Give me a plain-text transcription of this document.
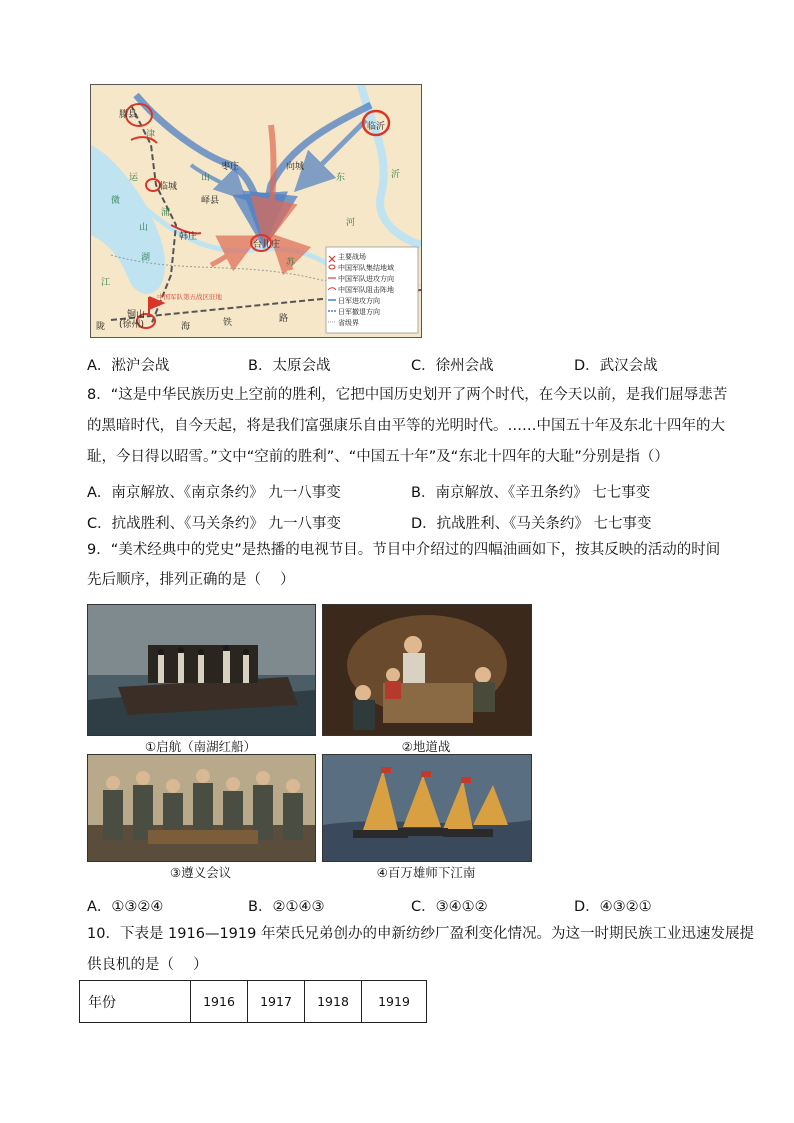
主要战场
中国军队集结地域
中国军队进攻方向
中国军队阻击阵地
日军进攻方向
日军撤退方向
省级界
滕县
临沂
枣庄	向城
临城
峄县
韩庄
台儿庄
铜山
(徐州)
津
浦
山	东	沂
河
运
微
山
湖
江
苏
陇	海	铁	路
中国军队第五战区驻地
A．淞沪会战	B．太原会战	C．徐州会战	D．武汉会战
8．“这是中华民族历史上空前的胜利，它把中国历史划开了两个时代，在今天以前，是我们屈辱悲苦
的黑暗时代，自今天起，将是我们富强康乐自由平等的光明时代。……中国五十年及东北十四年的大
耻，今日得以昭雪。”文中“空前的胜利”、“中国五十年”及“东北十四年的大耻”分别是指（）
A．南京解放、《南京条约》 九一八事变	B．南京解放、《辛丑条约》 七七事变
C．抗战胜利、《马关条约》 九一八事变	D．抗战胜利、《马关条约》 七七事变
9．“美术经典中的党史”是热播的电视节目。节目中介绍过的四幅油画如下，按其反映的活动的时间
先后顺序，排列正确的是（　 ）
①启航（南湖红船）	②地道战
③遵义会议	④百万雄师下江南
A．①③②④	B．②①④③	C．③④①②	D．④③②①
10．下表是 1916—1919 年荣氏兄弟创办的申新纺纱厂盈利变化情况。为这一时期民族工业迅速发展提
供良机的是（　 ）
年份	1916	1917	1918	1919
